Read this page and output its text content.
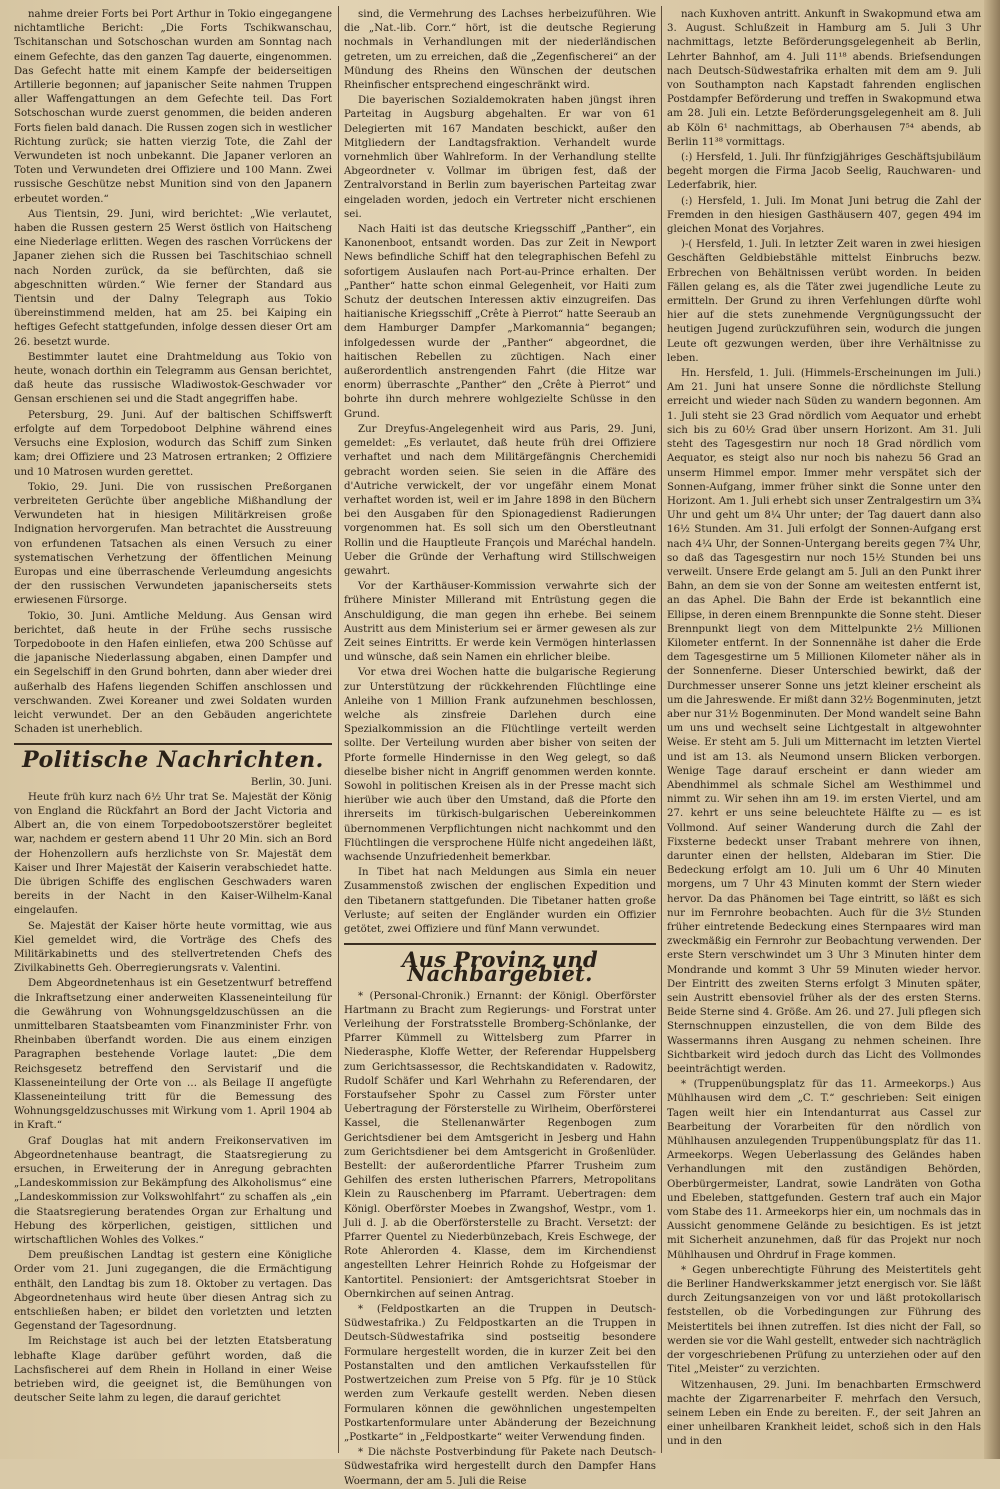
nahme dreier Forts bei Port Arthur in Tokio eingegangene nichtamtliche Bericht: „Die Forts Tschikwanschau, Tschitanschan und Sotschoschan wurden am Sonntag nach einem Gefechte, das den ganzen Tag dauerte, eingenommen. Das Gefecht hatte mit einem Kampfe der beiderseitigen Artillerie begonnen; auf japanischer Seite nahmen Truppen aller Waffengattungen an dem Gefechte teil. Das Fort Sotschoschan wurde zuerst genommen, die beiden anderen Forts fielen bald danach. Die Russen zogen sich in westlicher Richtung zurück; sie hatten vierzig Tote, die Zahl der Verwundeten ist noch unbekannt. Die Japaner verloren an Toten und Verwundeten drei Offiziere und 100 Mann. Zwei russische Geschütze nebst Munition sind von den Japanern erbeutet worden.“

Aus Tientsin, 29. Juni, wird berichtet: „Wie verlautet, haben die Russen gestern 25 Werst östlich von Haitscheng eine Niederlage erlitten. Wegen des raschen Vorrückens der Japaner ziehen sich die Russen bei Taschitschiao schnell nach Norden zurück, da sie befürchten, daß sie abgeschnitten würden.“ Wie ferner der Standard aus Tientsin und der Dalny Telegraph aus Tokio übereinstimmend melden, hat am 25. bei Kaiping ein heftiges Gefecht stattgefunden, infolge dessen dieser Ort am 26. besetzt wurde.

Bestimmter lautet eine Drahtmeldung aus Tokio von heute, wonach dorthin ein Telegramm aus Gensan berichtet, daß heute das russische Wladiwostok-Geschwader vor Gensan erschienen sei und die Stadt angegriffen habe.

Petersburg, 29. Juni. Auf der baltischen Schiffswerft erfolgte auf dem Torpedoboot Delphine während eines Versuchs eine Explosion, wodurch das Schiff zum Sinken kam; drei Offiziere und 23 Matrosen ertranken; 2 Offiziere und 10 Matrosen wurden gerettet.

Tokio, 29. Juni. Die von russischen Preßorganen verbreiteten Gerüchte über angebliche Mißhandlung der Verwundeten hat in hiesigen Militärkreisen große Indignation hervorgerufen. Man betrachtet die Ausstreuung von erfundenen Tatsachen als einen Versuch zu einer systematischen Verhetzung der öffentlichen Meinung Europas und eine überraschende Verleumdung angesichts der den russischen Verwundeten japanischerseits stets erwiesenen Fürsorge.

Tokio, 30. Juni. Amtliche Meldung. Aus Gensan wird berichtet, daß heute in der Frühe sechs russische Torpedoboote in den Hafen einliefen, etwa 200 Schüsse auf die japanische Niederlassung abgaben, einen Dampfer und ein Segelschiff in den Grund bohrten, dann aber wieder drei außerhalb des Hafens liegenden Schiffen anschlossen und verschwanden. Zwei Koreaner und zwei Soldaten wurden leicht verwundet. Der an den Gebäuden angerichtete Schaden ist unerheblich.

Politische Nachrichten.

Berlin, 30. Juni.

Heute früh kurz nach 6½ Uhr trat Se. Majestät der König von England die Rückfahrt an Bord der Jacht Victoria and Albert an, die von einem Torpedobootszerstörer begleitet war, nachdem er gestern abend 11 Uhr 20 Min. sich an Bord der Hohenzollern aufs herzlichste von Sr. Majestät dem Kaiser und Ihrer Majestät der Kaiserin verabschiedet hatte. Die übrigen Schiffe des englischen Geschwaders waren bereits in der Nacht in den Kaiser-Wilhelm-Kanal eingelaufen.

Se. Majestät der Kaiser hörte heute vormittag, wie aus Kiel gemeldet wird, die Vorträge des Chefs des Militärkabinetts und des stellvertretenden Chefs des Zivilkabinetts Geh. Oberregierungsrats v. Valentini.

Dem Abgeordnetenhaus ist ein Gesetzentwurf betreffend die Inkraftsetzung einer anderweiten Klasseneinteilung für die Gewährung von Wohnungsgeldzuschüssen an die unmittelbaren Staatsbeamten vom Finanzminister Frhr. von Rheinbaben überfandt worden. Die aus einem einzigen Paragraphen bestehende Vorlage lautet: „Die dem Reichsgesetz betreffend den Servistarif und die Klasseneinteilung der Orte von … als Beilage II angefügte Klasseneinteilung tritt für die Bemessung des Wohnungsgeldzuschusses mit Wirkung vom 1. April 1904 ab in Kraft.“

Graf Douglas hat mit andern Freikonservativen im Abgeordnetenhause beantragt, die Staatsregierung zu ersuchen, in Erweiterung der in Anregung gebrachten „Landeskommission zur Bekämpfung des Alkoholismus“ eine „Landeskommission zur Volkswohlfahrt“ zu schaffen als „ein die Staatsregierung beratendes Organ zur Erhaltung und Hebung des körperlichen, geistigen, sittlichen und wirtschaftlichen Wohles des Volkes.“

Dem preußischen Landtag ist gestern eine Königliche Order vom 21. Juni zugegangen, die die Ermächtigung enthält, den Landtag bis zum 18. Oktober zu vertagen. Das Abgeordnetenhaus wird heute über diesen Antrag sich zu entschließen haben; er bildet den vorletzten und letzten Gegenstand der Tagesordnung.

Im Reichstage ist auch bei der letzten Etatsberatung lebhafte Klage darüber geführt worden, daß die Lachsfischerei auf dem Rhein in Holland in einer Weise betrieben wird, die geeignet ist, die Bemühungen von deutscher Seite lahm zu legen, die darauf gerichtet

sind, die Vermehrung des Lachses herbeizuführen. Wie die „Nat.-lib. Corr.“ hört, ist die deutsche Regierung nochmals in Verhandlungen mit der niederländischen getreten, um zu erreichen, daß die „Zegenfischerei“ an der Mündung des Rheins den Wünschen der deutschen Rheinfischer entsprechend eingeschränkt wird.

Die bayerischen Sozialdemokraten haben jüngst ihren Parteitag in Augsburg abgehalten. Er war von 61 Delegierten mit 167 Mandaten beschickt, außer den Mitgliedern der Landtagsfraktion. Verhandelt wurde vornehmlich über Wahlreform. In der Verhandlung stellte Abgeordneter v. Vollmar im übrigen fest, daß der Zentralvorstand in Berlin zum bayerischen Parteitag zwar eingeladen worden, jedoch ein Vertreter nicht erschienen sei.

Nach Haiti ist das deutsche Kriegsschiff „Panther“, ein Kanonenboot, entsandt worden. Das zur Zeit in Newport News befindliche Schiff hat den telegraphischen Befehl zu sofortigem Auslaufen nach Port-au-Prince erhalten. Der „Panther“ hatte schon einmal Gelegenheit, vor Haiti zum Schutz der deutschen Interessen aktiv einzugreifen. Das haitianische Kriegsschiff „Crête à Pierrot“ hatte Seeraub an dem Hamburger Dampfer „Markomannia“ begangen; infolgedessen wurde der „Panther“ abgeordnet, die haitischen Rebellen zu züchtigen. Nach einer außerordentlich anstrengenden Fahrt (die Hitze war enorm) überraschte „Panther“ den „Crête à Pierrot“ und bohrte ihn durch mehrere wohlgezielte Schüsse in den Grund.

Zur Dreyfus-Angelegenheit wird aus Paris, 29. Juni, gemeldet: „Es verlautet, daß heute früh drei Offiziere verhaftet und nach dem Militärgefängnis Cherchemidi gebracht worden seien. Sie seien in die Affäre des d'Autriche verwickelt, der vor ungefähr einem Monat verhaftet worden ist, weil er im Jahre 1898 in den Büchern bei den Ausgaben für den Spionagedienst Radierungen vorgenommen hat. Es soll sich um den Oberstleutnant Rollin und die Hauptleute François und Maréchal handeln. Ueber die Gründe der Verhaftung wird Stillschweigen gewahrt.

Vor der Karthäuser-Kommission verwahrte sich der frühere Minister Millerand mit Entrüstung gegen die Anschuldigung, die man gegen ihn erhebe. Bei seinem Austritt aus dem Ministerium sei er ärmer gewesen als zur Zeit seines Eintritts. Er werde kein Vermögen hinterlassen und wünsche, daß sein Namen ein ehrlicher bleibe.

Vor etwa drei Wochen hatte die bulgarische Regierung zur Unterstützung der rückkehrenden Flüchtlinge eine Anleihe von 1 Million Frank aufzunehmen beschlossen, welche als zinsfreie Darlehen durch eine Spezialkommission an die Flüchtlinge verteilt werden sollte. Der Verteilung wurden aber bisher von seiten der Pforte formelle Hindernisse in den Weg gelegt, so daß dieselbe bisher nicht in Angriff genommen werden konnte. Sowohl in politischen Kreisen als in der Presse macht sich hierüber wie auch über den Umstand, daß die Pforte den ihrerseits im türkisch-bulgarischen Uebereinkommen übernommenen Verpflichtungen nicht nachkommt und den Flüchtlingen die versprochene Hülfe nicht angedeihen läßt, wachsende Unzufriedenheit bemerkbar.

In Tibet hat nach Meldungen aus Simla ein neuer Zusammenstoß zwischen der englischen Expedition und den Tibetanern stattgefunden. Die Tibetaner hatten große Verluste; auf seiten der Engländer wurden ein Offizier getötet, zwei Offiziere und fünf Mann verwundet.

Aus Provinz und Nachbargebiet.

* (Personal-Chronik.) Ernannt: der Königl. Oberförster Hartmann zu Bracht zum Regierungs- und Forstrat unter Verleihung der Forstratsstelle Bromberg-Schönlanke, der Pfarrer Kümmell zu Wittelsberg zum Pfarrer in Niederasphe, Kloffe Wetter, der Referendar Huppelsberg zum Gerichtsassessor, die Rechtskandidaten v. Radowitz, Rudolf Schäfer und Karl Wehrhahn zu Referendaren, der Forstaufseher Spohr zu Cassel zum Förster unter Uebertragung der Försterstelle zu Wirlheim, Oberförsterei Kassel, die Stellenanwärter Regenbogen zum Gerichtsdiener bei dem Amtsgericht in Jesberg und Hahn zum Gerichtsdiener bei dem Amtsgericht in Großenlüder. Bestellt: der außerordentliche Pfarrer Trusheim zum Gehilfen des ersten lutherischen Pfarrers, Metropolitans Klein zu Rauschenberg im Pfarramt. Uebertragen: dem Königl. Oberförster Moebes in Zwangshof, Westpr., vom 1. Juli d. J. ab die Oberförsterstelle zu Bracht. Versetzt: der Pfarrer Quentel zu Niederbünzebach, Kreis Eschwege, der Rote Ahlerorden 4. Klasse, dem im Kirchendienst angestellten Lehrer Heinrich Rohde zu Hofgeismar der Kantortitel. Pensioniert: der Amtsgerichtsrat Stoeber in Obernkirchen auf seinen Antrag.

* (Feldpostkarten an die Truppen in Deutsch-Südwestafrika.) Zu Feldpostkarten an die Truppen in Deutsch-Südwestafrika sind postseitig besondere Formulare hergestellt worden, die in kurzer Zeit bei den Postanstalten und den amtlichen Verkaufsstellen für Postwertzeichen zum Preise von 5 Pfg. für je 10 Stück werden zum Verkaufe gestellt werden. Neben diesen Formularen können die gewöhnlichen ungestempelten Postkartenformulare unter Abänderung der Bezeichnung „Postkarte“ in „Feldpostkarte“ weiter Verwendung finden.

* Die nächste Postverbindung für Pakete nach Deutsch-Südwestafrika wird hergestellt durch den Dampfer Hans Woermann, der am 5. Juli die Reise

nach Kuxhoven antritt. Ankunft in Swakopmund etwa am 3. August. Schlußzeit in Hamburg am 5. Juli 3 Uhr nachmittags, letzte Beförderungsgelegenheit ab Berlin, Lehrter Bahnhof, am 4. Juli 11¹⁸ abends. Briefsendungen nach Deutsch-Südwestafrika erhalten mit dem am 9. Juli von Southampton nach Kapstadt fahrenden englischen Postdampfer Beförderung und treffen in Swakopmund etwa am 28. Juli ein. Letzte Beförderungsgelegenheit am 8. Juli ab Köln 6¹ nachmittags, ab Oberhausen 7⁵⁴ abends, ab Berlin 11³⁸ vormittags.

(:) Hersfeld, 1. Juli. Ihr fünfzigjähriges Geschäftsjubiläum begeht morgen die Firma Jacob Seelig, Rauchwaren- und Lederfabrik, hier.

(:) Hersfeld, 1. Juli. Im Monat Juni betrug die Zahl der Fremden in den hiesigen Gasthäusern 407, gegen 494 im gleichen Monat des Vorjahres.

)-( Hersfeld, 1. Juli. In letzter Zeit waren in zwei hiesigen Geschäften Geldbiebstähle mittelst Einbruchs bezw. Erbrechen von Behältnissen verübt worden. In beiden Fällen gelang es, als die Täter zwei jugendliche Leute zu ermitteln. Der Grund zu ihren Verfehlungen dürfte wohl hier auf die stets zunehmende Vergnügungssucht der heutigen Jugend zurückzuführen sein, wodurch die jungen Leute oft gezwungen werden, über ihre Verhältnisse zu leben.

Hn. Hersfeld, 1. Juli. (Himmels-Erscheinungen im Juli.) Am 21. Juni hat unsere Sonne die nördlichste Stellung erreicht und wieder nach Süden zu wandern begonnen. Am 1. Juli steht sie 23 Grad nördlich vom Aequator und erhebt sich bis zu 60½ Grad über unsern Horizont. Am 31. Juli steht des Tagesgestirn nur noch 18 Grad nördlich vom Aequator, es steigt also nur noch bis nahezu 56 Grad an unserm Himmel empor. Immer mehr verspätet sich der Sonnen-Aufgang, immer früher sinkt die Sonne unter den Horizont. Am 1. Juli erhebt sich unser Zentralgestirn um 3¾ Uhr und geht um 8¼ Uhr unter; der Tag dauert dann also 16½ Stunden. Am 31. Juli erfolgt der Sonnen-Aufgang erst nach 4¼ Uhr, der Sonnen-Untergang bereits gegen 7¾ Uhr, so daß das Tagesgestirn nur noch 15½ Stunden bei uns verweilt. Unsere Erde gelangt am 5. Juli an den Punkt ihrer Bahn, an dem sie von der Sonne am weitesten entfernt ist, an das Aphel. Die Bahn der Erde ist bekanntlich eine Ellipse, in deren einem Brennpunkte die Sonne steht. Dieser Brennpunkt liegt von dem Mittelpunkte 2½ Millionen Kilometer entfernt. In der Sonnennähe ist daher die Erde dem Tagesgestirne um 5 Millionen Kilometer näher als in der Sonnenferne. Dieser Unterschied bewirkt, daß der Durchmesser unserer Sonne uns jetzt kleiner erscheint als um die Jahreswende. Er mißt dann 32½ Bogenminuten, jetzt aber nur 31½ Bogenminuten. Der Mond wandelt seine Bahn um uns und wechselt seine Lichtgestalt in altgewohnter Weise. Er steht am 5. Juli um Mitternacht im letzten Viertel und ist am 13. als Neumond unsern Blicken verborgen. Wenige Tage darauf erscheint er dann wieder am Abendhimmel als schmale Sichel am Westhimmel und nimmt zu. Wir sehen ihn am 19. im ersten Viertel, und am 27. kehrt er uns seine beleuchtete Hälfte zu — es ist Vollmond. Auf seiner Wanderung durch die Zahl der Fixsterne bedeckt unser Trabant mehrere von ihnen, darunter einen der hellsten, Aldebaran im Stier. Die Bedeckung erfolgt am 10. Juli um 6 Uhr 40 Minuten morgens, um 7 Uhr 43 Minuten kommt der Stern wieder hervor. Da das Phänomen bei Tage eintritt, so läßt es sich nur im Fernrohre beobachten. Auch für die 3½ Stunden früher eintretende Bedeckung eines Sternpaares wird man zweckmäßig ein Fernrohr zur Beobachtung verwenden. Der erste Stern verschwindet um 3 Uhr 3 Minuten hinter dem Mondrande und kommt 3 Uhr 59 Minuten wieder hervor. Der Eintritt des zweiten Sterns erfolgt 3 Minuten später, sein Austritt ebensoviel früher als der des ersten Sterns. Beide Sterne sind 4. Größe. Am 26. und 27. Juli pflegen sich Sternschnuppen einzustellen, die von dem Bilde des Wassermanns ihren Ausgang zu nehmen scheinen. Ihre Sichtbarkeit wird jedoch durch das Licht des Vollmondes beeinträchtigt werden.

* (Truppenübungsplatz für das 11. Armeekorps.) Aus Mühlhausen wird dem „C. T.“ geschrieben: Seit einigen Tagen weilt hier ein Intendanturrat aus Cassel zur Bearbeitung der Vorarbeiten für den nördlich von Mühlhausen anzulegenden Truppenübungsplatz für das 11. Armeekorps. Wegen Ueberlassung des Geländes haben Verhandlungen mit den zuständigen Behörden, Oberbürgermeister, Landrat, sowie Landräten von Gotha und Ebeleben, stattgefunden. Gestern traf auch ein Major vom Stabe des 11. Armeekorps hier ein, um nochmals das in Aussicht genommene Gelände zu besichtigen. Es ist jetzt mit Sicherheit anzunehmen, daß für das Projekt nur noch Mühlhausen und Ohrdruf in Frage kommen.

* Gegen unberechtigte Führung des Meistertitels geht die Berliner Handwerkskammer jetzt energisch vor. Sie läßt durch Zeitungsanzeigen von vor und läßt protokollarisch feststellen, ob die Vorbedingungen zur Führung des Meistertitels bei ihnen zutreffen. Ist dies nicht der Fall, so werden sie vor die Wahl gestellt, entweder sich nachträglich der vorgeschriebenen Prüfung zu unterziehen oder auf den Titel „Meister“ zu verzichten.

Witzenhausen, 29. Juni. Im benachbarten Ermschwerd machte der Zigarrenarbeiter F. mehrfach den Versuch, seinem Leben ein Ende zu bereiten. F., der seit Jahren an einer unheilbaren Krankheit leidet, schoß sich in den Hals und in den
